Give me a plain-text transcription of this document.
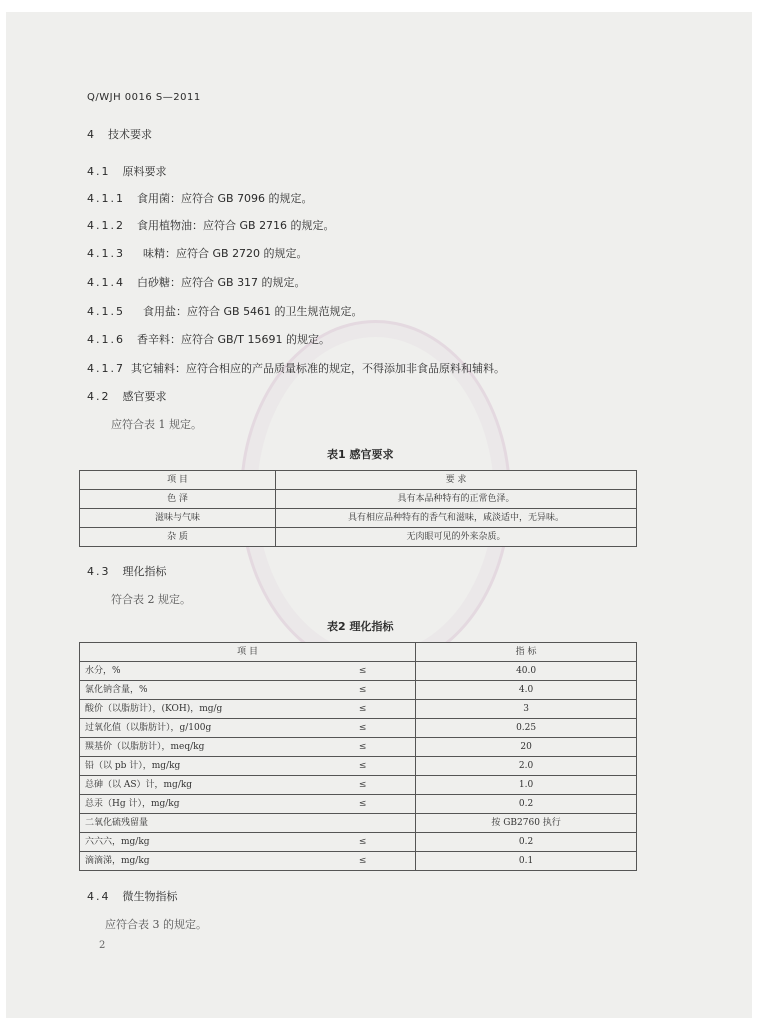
Q/WJH 0016 S—2011
4 技术要求
4.1 原料要求
4.1.1 食用菌：应符合 GB 7096 的规定。
4.1.2 食用植物油：应符合 GB 2716 的规定。
4.1.3 味精：应符合 GB 2720 的规定。
4.1.4 白砂糖：应符合 GB 317 的规定。
4.1.5 食用盐：应符合 GB 5461 的卫生规范规定。
4.1.6 香辛料：应符合 GB/T 15691 的规定。
4.1.7 其它辅料：应符合相应的产品质量标准的规定，不得添加非食品原料和辅料。
4.2 感官要求
应符合表 1 规定。
表1 感官要求
项 目	要 求
色 泽	具有本品种特有的正常色泽。
滋味与气味	具有相应品种特有的香气和滋味，咸淡适中，无异味。
杂 质	无肉眼可见的外来杂质。
4.3 理化指标
符合表 2 规定。
表2 理化指标
项 目		指 标
水分，%	≤	40.0
氯化钠含量，%	≤	4.0
酸价（以脂肪计），(KOH)，mg/g	≤	3
过氧化值（以脂肪计），g/100g	≤	0.25
羰基价（以脂肪计），meq/kg	≤	20
铅（以 pb 计），mg/kg	≤	2.0
总砷（以 AS）计，mg/kg	≤	1.0
总汞（Hg 计），mg/kg	≤	0.2
二氧化硫残留量		按 GB2760 执行
六六六，mg/kg	≤	0.2
滴滴涕，mg/kg	≤	0.1
4.4 微生物指标
应符合表 3 的规定。
2
